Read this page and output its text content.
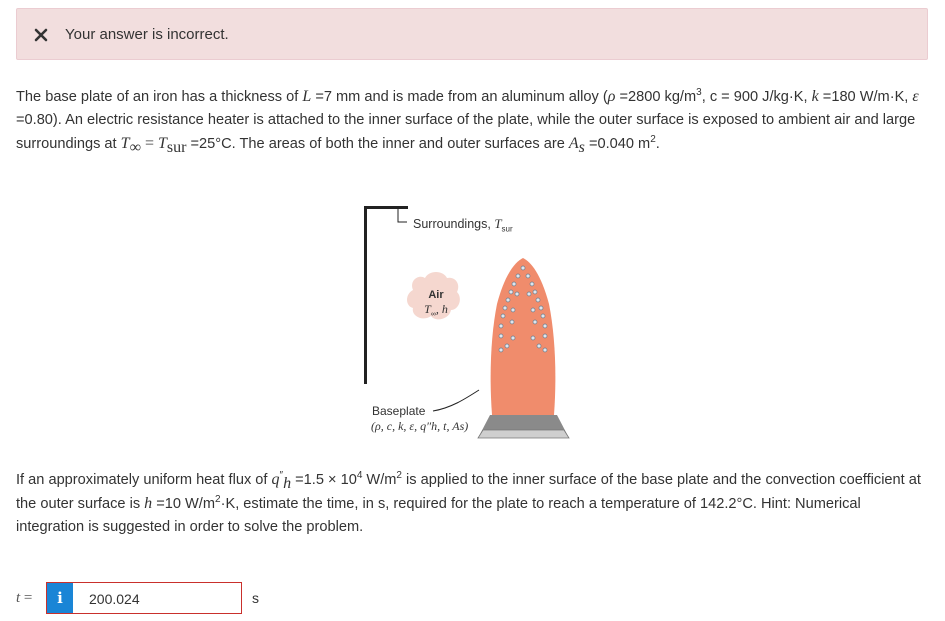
Your answer is incorrect.

The base plate of an iron has a thickness of L =7 mm and is made from an aluminum alloy (ρ =2800 $kg/m^3$, c = 900 J/kg·K, k =180 W/m·K, ε =0.80). An electric resistance heater is attached to the inner surface of the plate, while the outer surface is exposed to ambient air and large surroundings at $T_\infty = T_{sur} =25^\circ C$. The areas of both the inner and outer surfaces are $A_s =0.040$ $m^2$.

Surroundings, $T_{sur}$
Air
$T_\infty$, h
Baseplate
(ρ, c, k, ε, q″h, t, As)

If an approximately uniform heat flux of $q''_h =1.5 \times 10^4$ $W/m^2$ is applied to the inner surface of the base plate and the convection coefficient at the outer surface is h =10 $W/m^2\cdot K$, estimate the time, in s, required for the plate to reach a temperature of 142.2°C. Hint: Numerical integration is suggested in order to solve the problem.

t =	i	200.024	s
